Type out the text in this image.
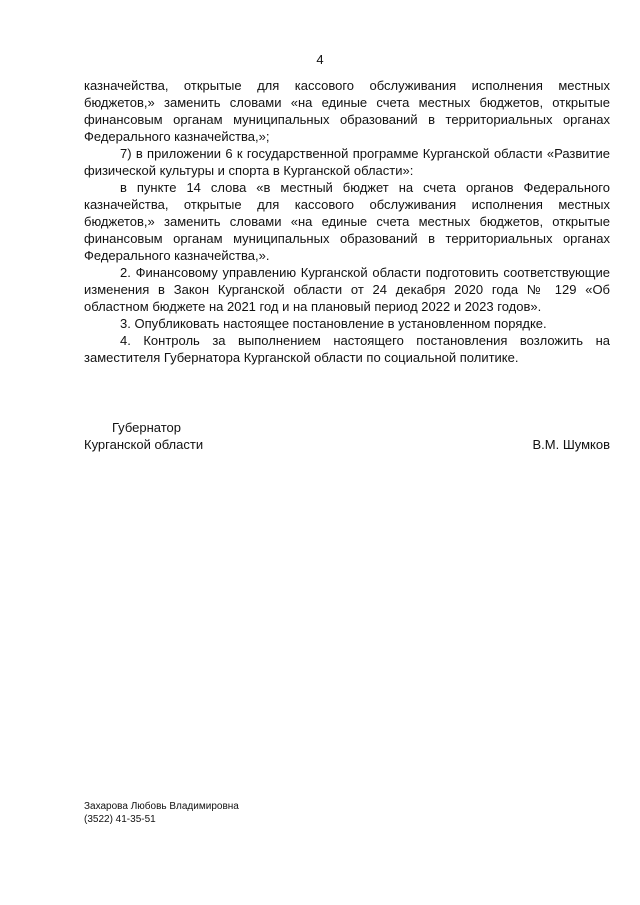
4

казначейства, открытые для кассового обслуживания исполнения местных бюджетов,» заменить словами «на единые счета местных бюджетов, открытые финансовым органам муниципальных образований в территориальных органах Федерального казначейства,»;

7) в приложении 6 к государственной программе Курганской области «Развитие физической культуры и спорта в Курганской области»:

в пункте 14 слова «в местный бюджет на счета органов Федерального казначейства, открытые для кассового обслуживания исполнения местных бюджетов,» заменить словами «на единые счета местных бюджетов, открытые финансовым органам муниципальных образований в территориальных органах Федерального казначейства,».

2. Финансовому управлению Курганской области подготовить соответствующие изменения в Закон Курганской области от 24 декабря 2020 года № 129 «Об областном бюджете на 2021 год и на плановый период 2022 и 2023 годов».

3. Опубликовать настоящее постановление в установленном порядке.

4. Контроль за выполнением настоящего постановления возложить на заместителя Губернатора Курганской области по социальной политике.

Губернатор
Курганской области	В.М. Шумков
Захарова Любовь Владимировна
(3522) 41-35-51
